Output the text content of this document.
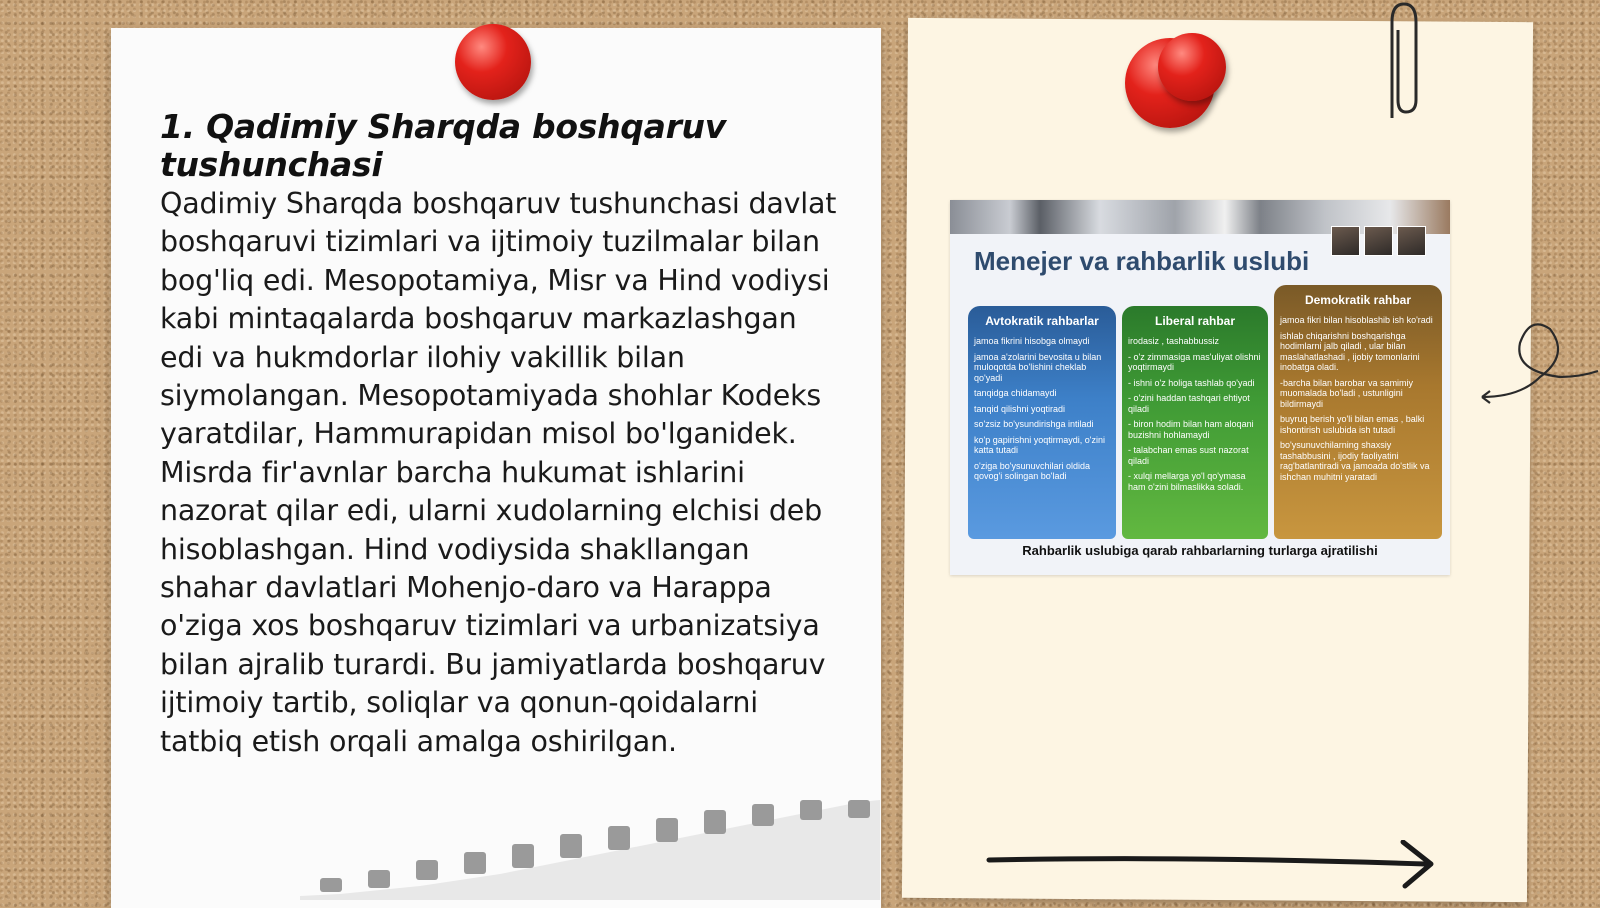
1. Qadimiy Sharqda boshqaruv tushunchasi

Qadimiy Sharqda boshqaruv tushunchasi davlat boshqaruvi tizimlari va ijtimoiy tuzilmalar bilan bog'liq edi. Mesopotamiya, Misr va Hind vodiysi kabi mintaqalarda boshqaruv markazlashgan edi va hukmdorlar ilohiy vakillik bilan siymolangan. Mesopotamiyada shohlar Kodeks yaratdilar, Hammurapidan misol bo'lganidek. Misrda fir'avnlar barcha hukumat ishlarini nazorat qilar edi, ularni xudolarning elchisi deb hisoblashgan. Hind vodiysida shakllangan shahar davlatlari Mohenjo-daro va Harappa o'ziga xos boshqaruv tizimlari va urbanizatsiya bilan ajralib turardi. Bu jamiyatlarda boshqaruv ijtimoiy tartib, soliqlar va qonun-qoidalarni tatbiq etish orqali amalga oshirilgan.

Menejer va rahbarlik uslubi
Avtokratik rahbarlar
jamoa fikrini hisobga olmaydi
jamoa a'zolarini bevosita u bilan muloqotda bo'lishini cheklab qo'yadi
tanqidga chidamaydi
tanqid qilishni yoqtiradi
so'zsiz bo'ysundirishga intiladi
ko'p gapirishni yoqtirmaydi, o'zini katta tutadi
o'ziga bo'ysunuvchilari oldida qovog'i solingan bo'ladi
Liberal rahbar
irodasiz , tashabbussiz
- o'z zimmasiga mas'uliyat olishni yoqtirmaydi
- ishni o'z holiga tashlab qo'yadi
- o'zini haddan tashqari ehtiyot qiladi
- biron hodim bilan ham aloqani buzishni hohlamaydi
- talabchan emas sust nazorat qiladi
- xulqi mellarga yo'l qo'ymasa ham o'zini bilmaslikka soladi.
Demokratik rahbar
jamoa fikri bilan hisoblashib ish ko'radi
ishlab chiqarishni boshqarishga hodimlarni jalb qiladi , ular bilan maslahatlashadi , ijobiy tomonlarini inobatga oladi.
-barcha bilan barobar va samimiy muomalada bo'ladi , ustunligini bildirmaydi
buyruq berish yo'li bilan emas , balki ishontirish uslubida ish tutadi
bo'ysunuvchilarning shaxsiy tashabbusini , ijodiy faoliyatini rag'batlantiradi va jamoada do'stlik va ishchan muhitni yaratadi
Rahbarlik uslubiga qarab rahbarlarning turlarga ajratilishi
